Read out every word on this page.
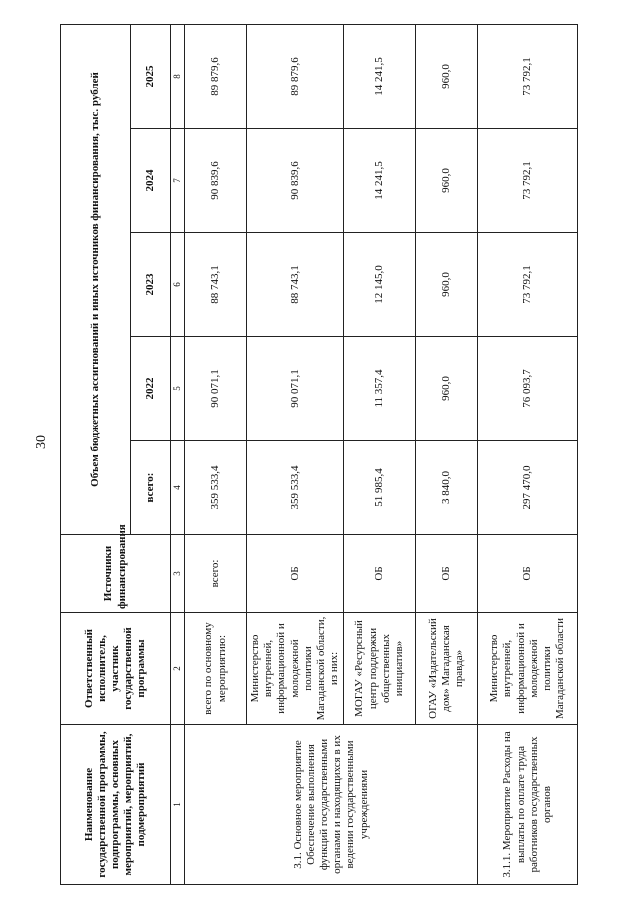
30
Наименование государственной программы, подпрограммы, основных мероприятий, мероприятий, подмероприятий	Ответственный исполнитель, участник государственной программы	Источники финансирования	Объем бюджетных ассигнований и иных источников финансирования, тыс. рублей				
			всего:	2022	2023	2024	2025
1	2	3	4	5	6	7	8
3.1. Основное мероприятие Обеспечение выполнения функций государственными органами и находящихся в их ведении государственными учреждениями	всего по основному мероприятию:	всего:	359 533,4	90 071,1	88 743,1	90 839,6	89 879,6
	Министерство внутренней, информационной и молодежной политики Магаданской области, из них:	ОБ	359 533,4	90 071,1	88 743,1	90 839,6	89 879,6
	МОГАУ «Ресурсный центр поддержки общественных инициатив»	ОБ	51 985,4	11 357,4	12 145,0	14 241,5	14 241,5
	ОГАУ «Издательский дом» Магаданская правда»	ОБ	3 840,0	960,0	960,0	960,0	960,0
3.1.1. Мероприятие Расходы на выплаты по оплате труда работников государственных органов	Министерство внутренней, информационной и молодежной политики Магаданской области	ОБ	297 470,0	76 093,7	73 792,1	73 792,1	73 792,1
